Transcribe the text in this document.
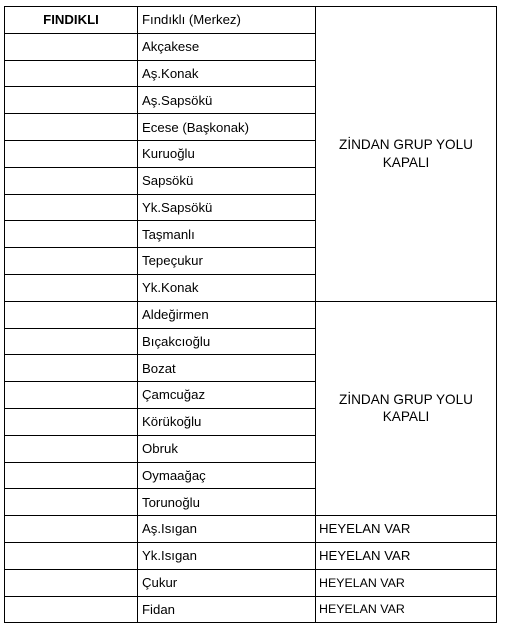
FINDIKLI	Fındıklı (Merkez)	ZİNDAN GRUP YOLU KAPALI
	Akçakese	
	Aş.Konak	
	Aş.Sapsökü	
	Ecese (Başkonak)	
	Kuruoğlu	
	Sapsökü	
	Yk.Sapsökü	
	Taşmanlı	
	Tepeçukur	
	Yk.Konak	
	Aldeğirmen	ZİNDAN GRUP YOLU KAPALI
	Bıçakcıoğlu	
	Bozat	
	Çamcuğaz	
	Körükoğlu	
	Obruk	
	Oymaağaç	
	Torunoğlu	
	Aş.Isıgan	HEYELAN VAR
	Yk.Isıgan	HEYELAN VAR
	Çukur	HEYELAN VAR
	Fidan	HEYELAN VAR
